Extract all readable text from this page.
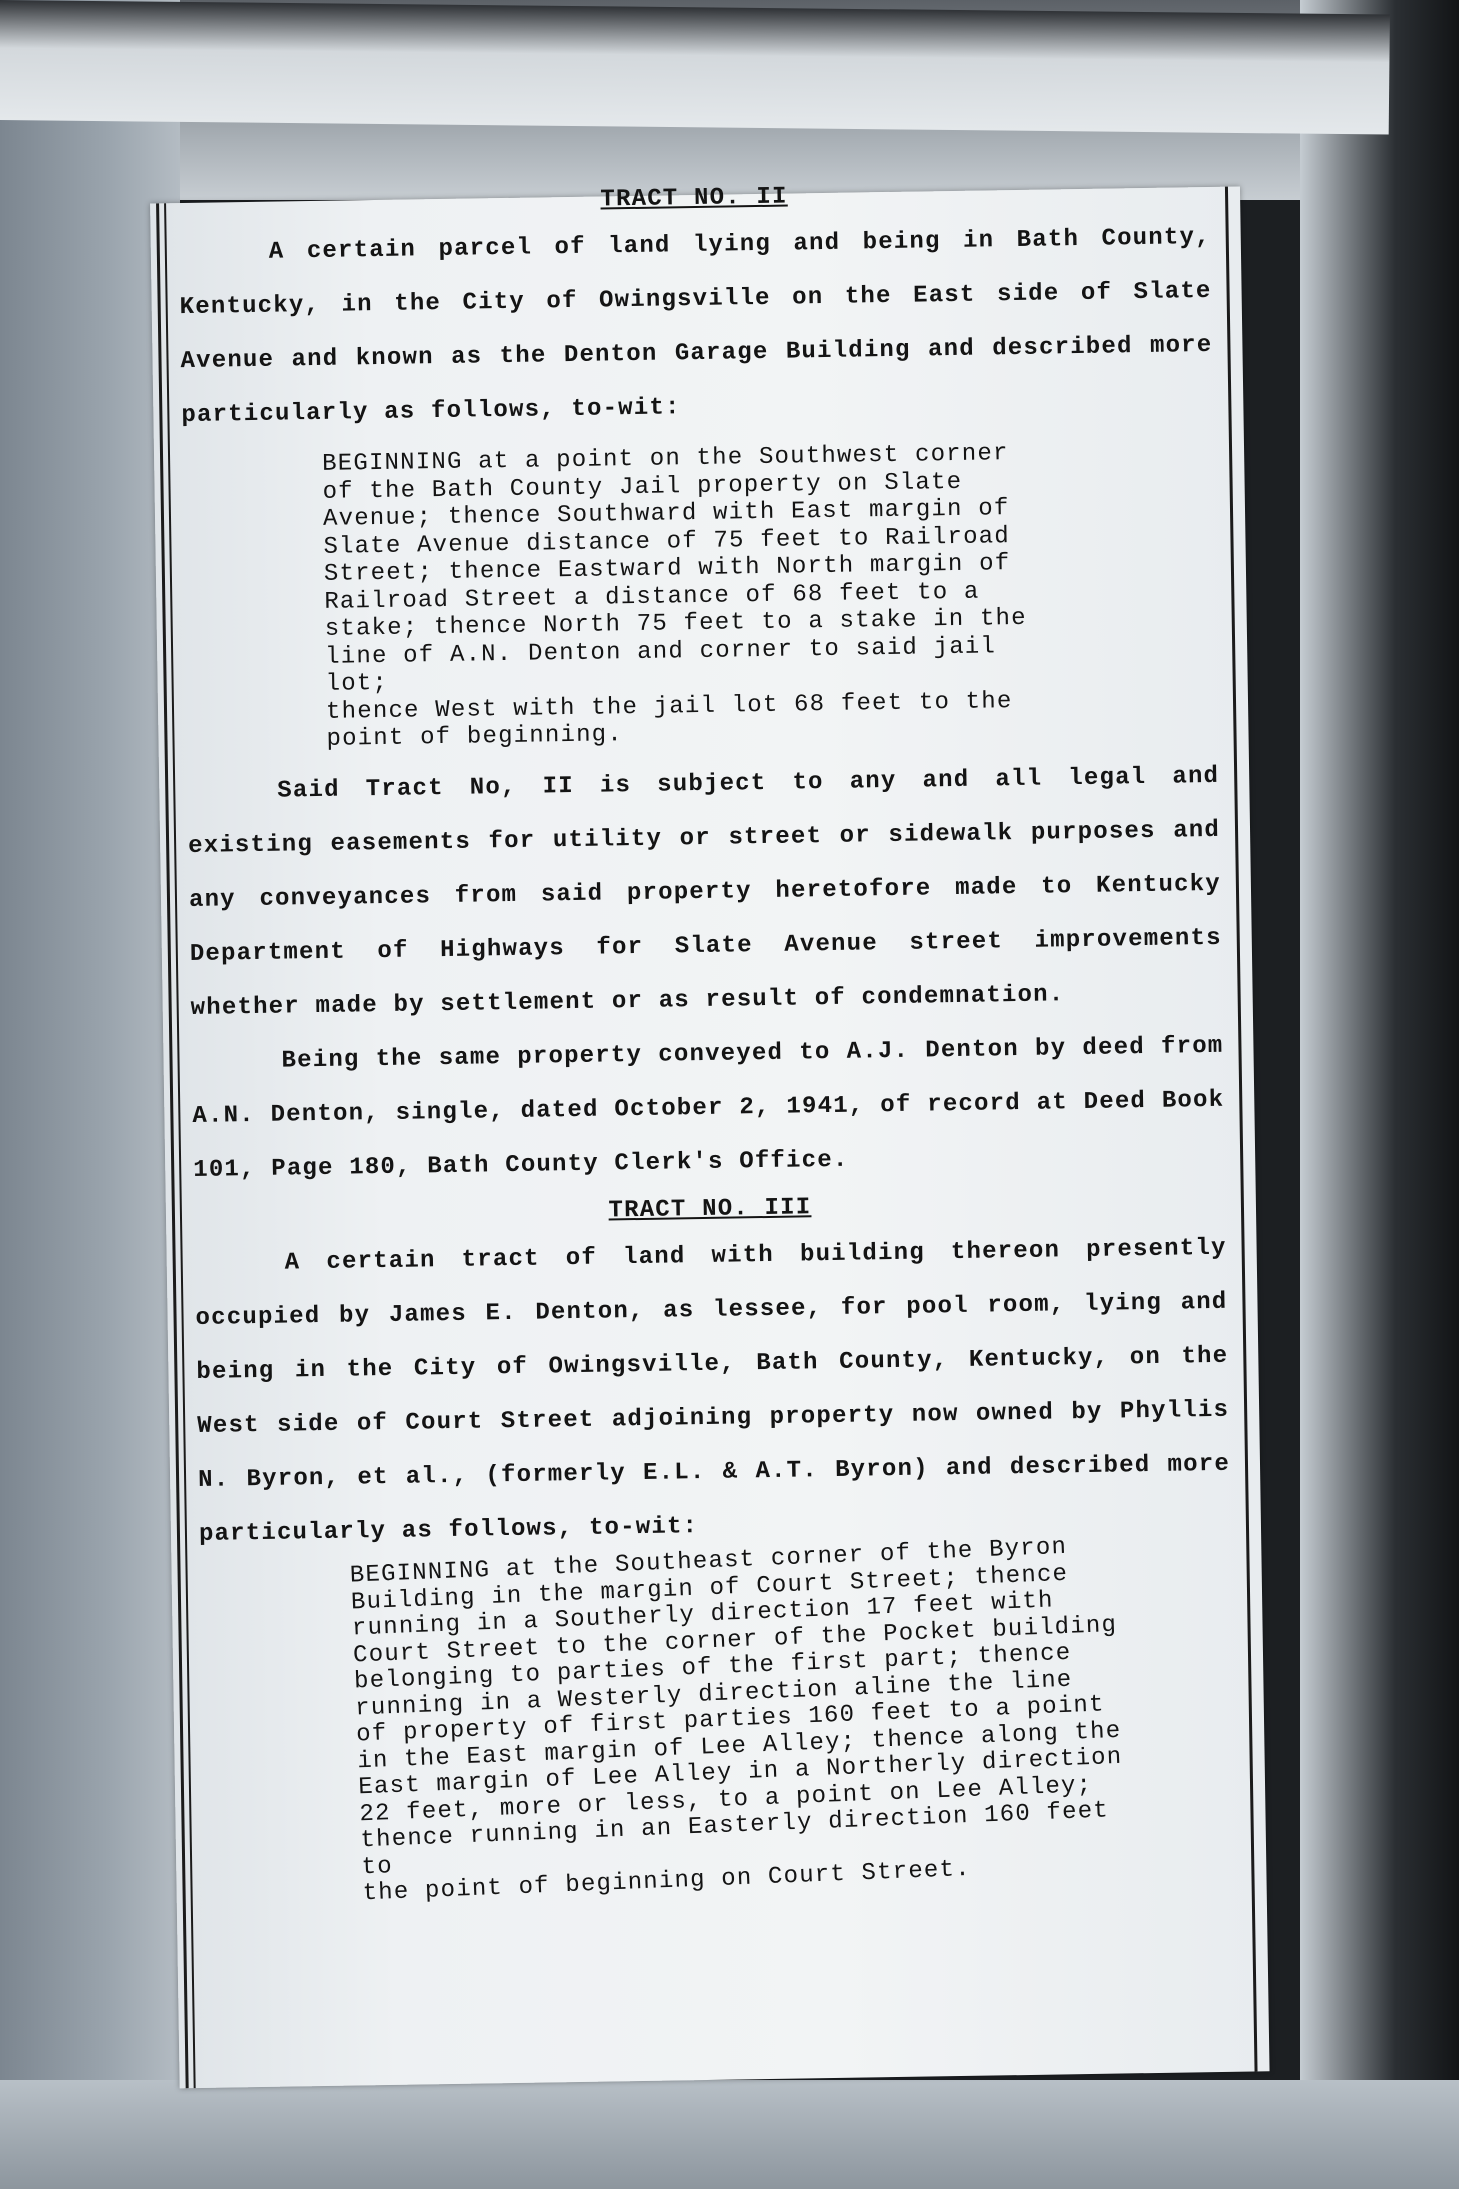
TRACT NO. II

A certain parcel of land lying and being in Bath County, Kentucky, in the City of Owingsville on the East side of Slate Avenue and known as the Denton Garage Building and described more particularly as follows, to-wit:

BEGINNING at a point on the Southwest corner
of the Bath County Jail property on Slate
Avenue; thence Southward with East margin of
Slate Avenue distance of 75 feet to Railroad
Street; thence Eastward with North margin of
Railroad Street a distance of 68 feet to a
stake; thence North 75 feet to a stake in the
line of A.N. Denton and corner to said jail lot;
thence West with the jail lot 68 feet to the
point of beginning.

Said Tract No, II is subject to any and all legal and existing easements for utility or street or sidewalk purposes and any conveyances from said property heretofore made to Kentucky Department of Highways for Slate Avenue street improvements whether made by settlement or as result of condemnation.

Being the same property conveyed to A.J. Denton by deed from A.N. Denton, single, dated October 2, 1941, of record at Deed Book 101, Page 180, Bath County Clerk's Office.

TRACT NO. III

A certain tract of land with building thereon presently occupied by James E. Denton, as lessee, for pool room, lying and being in the City of Owingsville, Bath County, Kentucky, on the West side of Court Street adjoining property now owned by Phyllis N. Byron, et al., (formerly E.L. & A.T. Byron) and described more particularly as follows, to-wit:

BEGINNING at the Southeast corner of the Byron
Building in the margin of Court Street; thence
running in a Southerly direction 17 feet with
Court Street to the corner of the Pocket building
belonging to parties of the first part; thence
running in a Westerly direction aline the line
of property of first parties 160 feet to a point
in the East margin of Lee Alley; thence along the
East margin of Lee Alley in a Northerly direction
22 feet, more or less, to a point on Lee Alley;
thence running in an Easterly direction 160 feet to
the point of beginning on Court Street.
